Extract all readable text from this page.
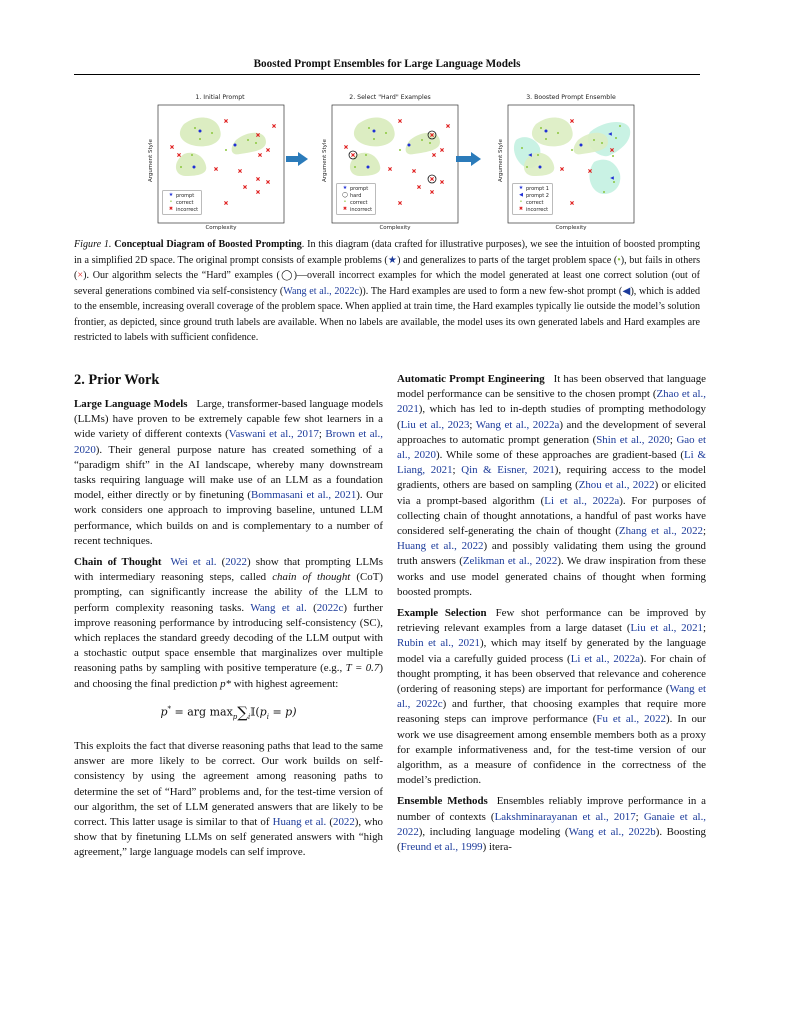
Boosted Prompt Ensembles for Large Language Models
1. Initial Prompt
Argument Style
Complexity
2. Select "Hard" Examples
Argument Style
Complexity
3. Boosted Prompt Ensemble
Argument Style
Complexity
★ prompt
• correct
✖ incorrect
★ prompt
◯ hard
• correct
✖ incorrect
★ prompt 1
◀ prompt 2
• correct
✖ incorrect
Figure 1. Conceptual Diagram of Boosted Prompting. In this diagram (data crafted for illustrative purposes), we see the intuition of boosted prompting in a simplified 2D space. The original prompt consists of example problems (★) and generalizes to parts of the target problem space (•), but fails in others (×). Our algorithm selects the “Hard” examples (◯)—overall incorrect examples for which the model generated at least one correct solution (out of several generations combined via self-consistency (Wang et al., 2022c)). The Hard examples are used to form a new few-shot prompt (◀), which is added to the ensemble, increasing overall coverage of the problem space. When applied at train time, the Hard examples typically lie outside the model’s solution frontier, as depicted, since ground truth labels are available. When no labels are available, the model uses its own generated labels and Hard examples are restricted to labels with sufficient confidence.
2. Prior Work

Large Language Models Large, transformer-based language models (LLMs) have proven to be extremely capable few shot learners in a wide variety of different contexts (Vaswani et al., 2017; Brown et al., 2020). Their general purpose nature has created something of a “paradigm shift” in the AI landscape, whereby many downstream tasks requiring language will make use of an LLM as a foundation model, either directly or by finetuning (Bommasani et al., 2021). Our work considers one approach to improving baseline, untuned LLM performance, which builds on and is complementary to a number of recent techniques.

Chain of Thought Wei et al. (2022) show that prompting LLMs with intermediary reasoning steps, called chain of thought (CoT) prompting, can significantly increase the ability of the LLM to perform complexity reasoning tasks. Wang et al. (2022c) further improve reasoning performance by introducing self-consistency (SC), which replaces the standard greedy decoding of the LLM output with a stochastic output space ensemble that marginalizes over multiple reasoning paths by sampling with positive temperature (e.g., T = 0.7) and choosing the final prediction p* with highest agreement:

p* = arg $\max_p\sum_i𝕀(p_i = p)$

This exploits the fact that diverse reasoning paths that lead to the same answer are more likely to be correct. Our work builds on self-consistency by using the agreement among reasoning paths to determine the set of “Hard” problems and, for the test-time version of our algorithm, the set of LLM generated answers that are likely to be correct. This latter usage is similar to that of Huang et al. (2022), who show that by finetuning LLMs on self generated answers with “high agreement,” large language models can self improve.

Automatic Prompt Engineering It has been observed that language model performance can be sensitive to the chosen prompt (Zhao et al., 2021), which has led to in-depth studies of prompting methodology (Liu et al., 2023; Wang et al., 2022a) and the development of several approaches to automatic prompt generation (Shin et al., 2020; Gao et al., 2020). While some of these approaches are gradient-based (Li & Liang, 2021; Qin & Eisner, 2021), requiring access to the model gradients, others are based on sampling (Zhou et al., 2022) or elicited via a prompt-based algorithm (Li et al., 2022a). For purposes of collecting chain of thought annotations, a handful of past works have considered self-generating the chain of thought (Zhang et al., 2022; Huang et al., 2022) and possibly validating them using the ground truth answers (Zelikman et al., 2022). We draw inspiration from these works and use model generated chains of thought when forming boosted prompts.

Example Selection Few shot performance can be improved by retrieving relevant examples from a large dataset (Liu et al., 2021; Rubin et al., 2021), which may itself by generated by the language model via a carefully guided process (Li et al., 2022a). For chain of thought prompting, it has been observed that relevance and coherence (ordering of reasoning steps) are important for performance (Wang et al., 2022c) and further, that choosing examples that require more reasoning steps can improve performance (Fu et al., 2022). In our work we use disagreement among ensemble members both as a proxy for example informativeness and, for the test-time version of our algorithm, as a measure of confidence in the correctness of the model’s prediction.

Ensemble Methods Ensembles reliably improve performance in a number of contexts (Lakshminarayanan et al., 2017; Ganaie et al., 2022), including language modeling (Wang et al., 2022b). Boosting (Freund et al., 1999) itera-
